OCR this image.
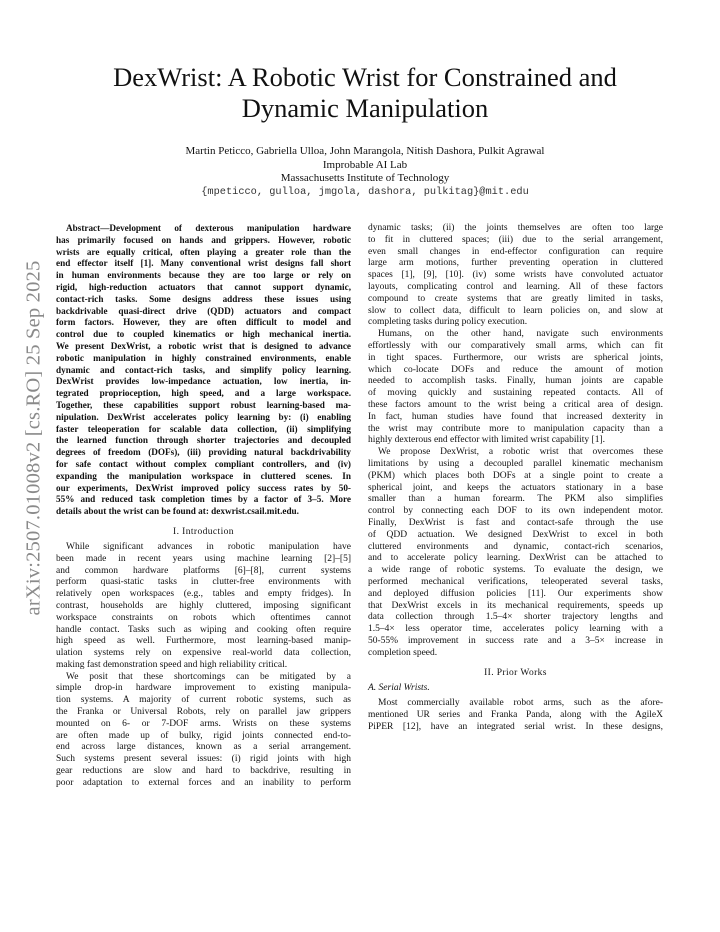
arXiv:2507.01008v2 [cs.RO] 25 Sep 2025
DexWrist: A Robotic Wrist for Constrained and
Dynamic Manipulation
Martin Peticco, Gabriella Ulloa, John Marangola, Nitish Dashora, Pulkit Agrawal
Improbable AI Lab
Massachusetts Institute of Technology
{mpeticco, gulloa, jmgola, dashora, pulkitag}@mit.edu
Abstract—Development of dexterous manipulation hardware
has primarily focused on hands and grippers. However, robotic
wrists are equally critical, often playing a greater role than the
end effector itself [1]. Many conventional wrist designs fall short
in human environments because they are too large or rely on
rigid, high-reduction actuators that cannot support dynamic,
contact-rich tasks. Some designs address these issues using
backdrivable quasi-direct drive (QDD) actuators and compact
form factors. However, they are often difficult to model and
control due to coupled kinematics or high mechanical inertia.
We present DexWrist, a robotic wrist that is designed to advance
robotic manipulation in highly constrained environments, enable
dynamic and contact-rich tasks, and simplify policy learning.
DexWrist provides low-impedance actuation, low inertia, in-
tegrated proprioception, high speed, and a large workspace.
Together, these capabilities support robust learning-based ma-
nipulation. DexWrist accelerates policy learning by: (i) enabling
faster teleoperation for scalable data collection, (ii) simplifying
the learned function through shorter trajectories and decoupled
degrees of freedom (DOFs), (iii) providing natural backdrivability
for safe contact without complex compliant controllers, and (iv)
expanding the manipulation workspace in cluttered scenes. In
our experiments, DexWrist improved policy success rates by 50-
55% and reduced task completion times by a factor of 3–5. More
details about the wrist can be found at: dexwrist.csail.mit.edu.
I. Introduction
While significant advances in robotic manipulation have
been made in recent years using machine learning [2]–[5]
and common hardware platforms [6]–[8], current systems
perform quasi-static tasks in clutter-free environments with
relatively open workspaces (e.g., tables and empty fridges). In
contrast, households are highly cluttered, imposing significant
workspace constraints on robots which oftentimes cannot
handle contact. Tasks such as wiping and cooking often require
high speed as well. Furthermore, most learning-based manip-
ulation systems rely on expensive real-world data collection,
making fast demonstration speed and high reliability critical.
We posit that these shortcomings can be mitigated by a
simple drop-in hardware improvement to existing manipula-
tion systems. A majority of current robotic systems, such as
the Franka or Universal Robots, rely on parallel jaw grippers
mounted on 6- or 7-DOF arms. Wrists on these systems
are often made up of bulky, rigid joints connected end-to-
end across large distances, known as a serial arrangement.
Such systems present several issues: (i) rigid joints with high
gear reductions are slow and hard to backdrive, resulting in
poor adaptation to external forces and an inability to perform
dynamic tasks; (ii) the joints themselves are often too large
to fit in cluttered spaces; (iii) due to the serial arrangement,
even small changes in end-effector configuration can require
large arm motions, further preventing operation in cluttered
spaces [1], [9], [10]. (iv) some wrists have convoluted actuator
layouts, complicating control and learning. All of these factors
compound to create systems that are greatly limited in tasks,
slow to collect data, difficult to learn policies on, and slow at
completing tasks during policy execution.
Humans, on the other hand, navigate such environments
effortlessly with our comparatively small arms, which can fit
in tight spaces. Furthermore, our wrists are spherical joints,
which co-locate DOFs and reduce the amount of motion
needed to accomplish tasks. Finally, human joints are capable
of moving quickly and sustaining repeated contacts. All of
these factors amount to the wrist being a critical area of design.
In fact, human studies have found that increased dexterity in
the wrist may contribute more to manipulation capacity than a
highly dexterous end effector with limited wrist capability [1].
We propose DexWrist, a robotic wrist that overcomes these
limitations by using a decoupled parallel kinematic mechanism
(PKM) which places both DOFs at a single point to create a
spherical joint, and keeps the actuators stationary in a base
smaller than a human forearm. The PKM also simplifies
control by connecting each DOF to its own independent motor.
Finally, DexWrist is fast and contact-safe through the use
of QDD actuation. We designed DexWrist to excel in both
cluttered environments and dynamic, contact-rich scenarios,
and to accelerate policy learning. DexWrist can be attached to
a wide range of robotic systems. To evaluate the design, we
performed mechanical verifications, teleoperated several tasks,
and deployed diffusion policies [11]. Our experiments show
that DexWrist excels in its mechanical requirements, speeds up
data collection through 1.5–4× shorter trajectory lengths and
1.5–4× less operator time, accelerates policy learning with a
50-55% improvement in success rate and a 3–5× increase in
completion speed.
II. Prior Works
A. Serial Wrists.
Most commercially available robot arms, such as the afore-
mentioned UR series and Franka Panda, along with the AgileX
PiPER [12], have an integrated serial wrist. In these designs,
